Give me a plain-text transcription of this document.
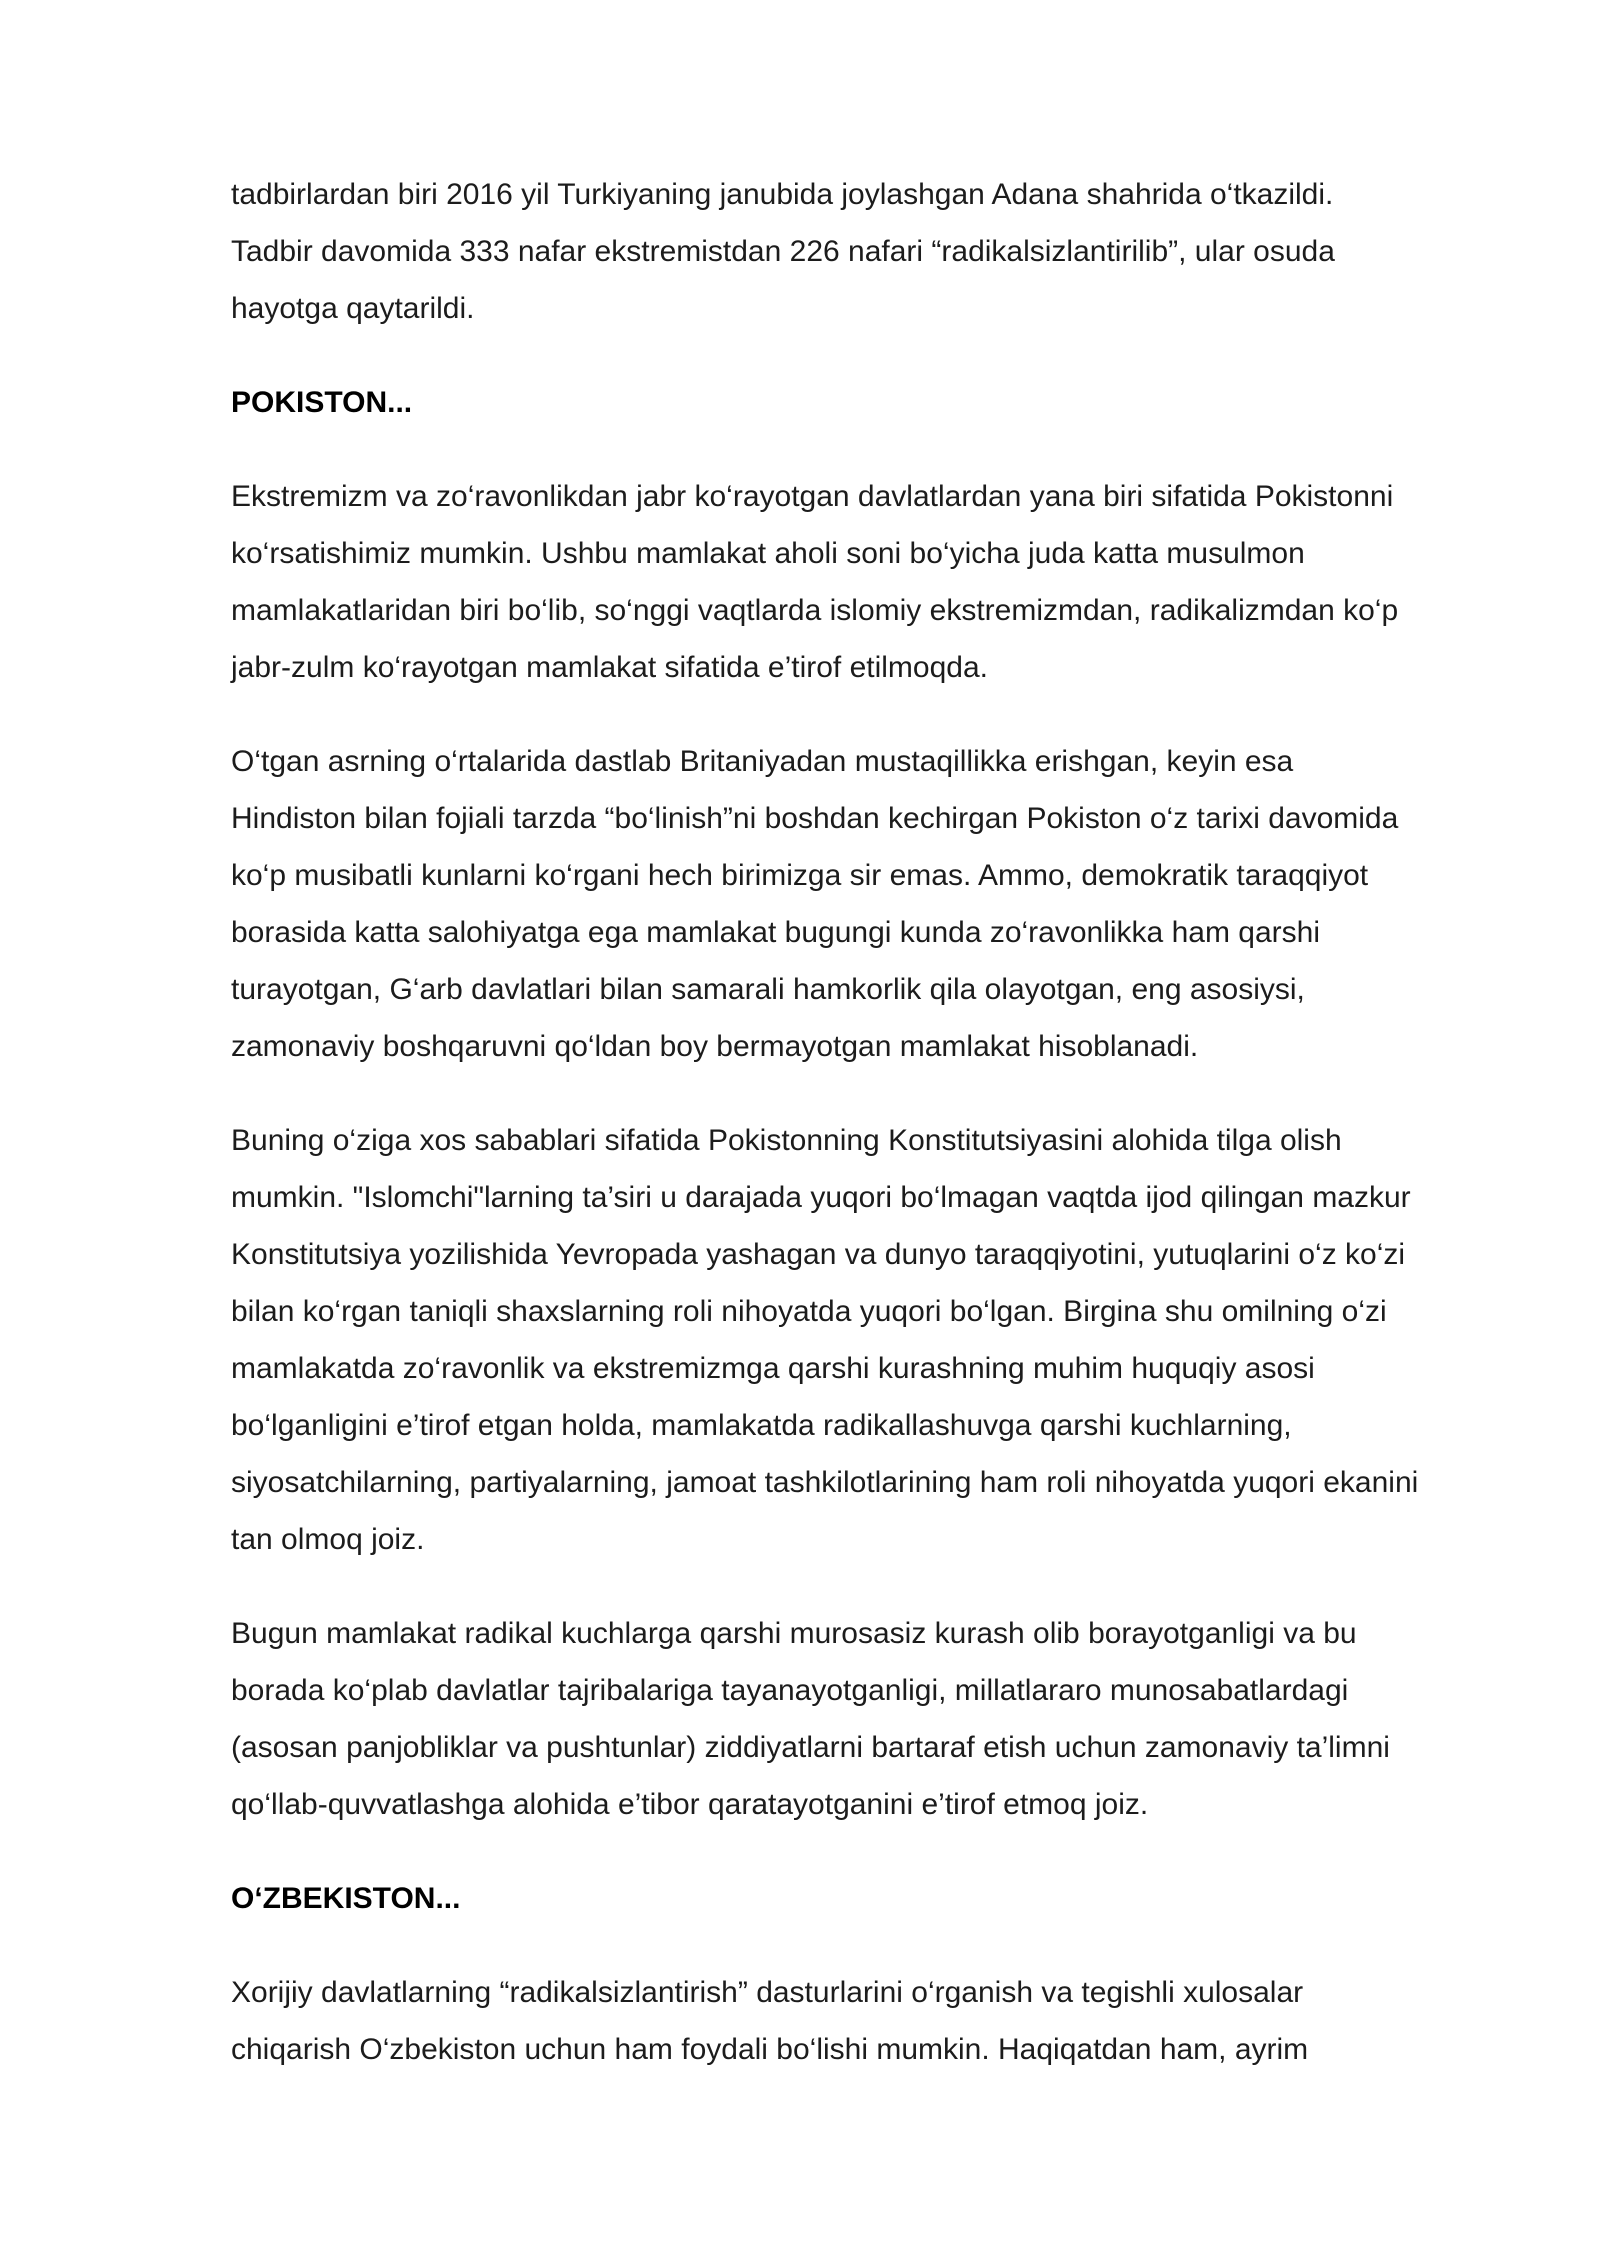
tadbirlardan biri 2016 yil Turkiyaning janubida joylashgan Adana shahrida o‘tkazildi.
Tadbir davomida 333 nafar ekstremistdan 226 nafari “radikalsizlantirilib”, ular osuda
hayotga qaytarildi.

POKISTON...

Ekstremizm va zo‘ravonlikdan jabr ko‘rayotgan davlatlardan yana biri sifatida Pokistonni
ko‘rsatishimiz mumkin. Ushbu mamlakat aholi soni bo‘yicha juda katta musulmon
mamlakatlaridan biri bo‘lib, so‘nggi vaqtlarda islomiy ekstremizmdan, radikalizmdan ko‘p
jabr-zulm ko‘rayotgan mamlakat sifatida e’tirof etilmoqda.

O‘tgan asrning o‘rtalarida dastlab Britaniyadan mustaqillikka erishgan, keyin esa
Hindiston bilan fojiali tarzda “bo‘linish”ni boshdan kechirgan Pokiston o‘z tarixi davomida
ko‘p musibatli kunlarni ko‘rgani hech birimizga sir emas. Ammo, demokratik taraqqiyot
borasida katta salohiyatga ega mamlakat bugungi kunda zo‘ravonlikka ham qarshi
turayotgan, G‘arb davlatlari bilan samarali hamkorlik qila olayotgan, eng asosiysi,
zamonaviy boshqaruvni qo‘ldan boy bermayotgan mamlakat hisoblanadi.

Buning o‘ziga xos sabablari sifatida Pokistonning Konstitutsiyasini alohida tilga olish
mumkin. "Islomchi"larning ta’siri u darajada yuqori bo‘lmagan vaqtda ijod qilingan mazkur
Konstitutsiya yozilishida Yevropada yashagan va dunyo taraqqiyotini, yutuqlarini o‘z ko‘zi
bilan ko‘rgan taniqli shaxslarning roli nihoyatda yuqori bo‘lgan. Birgina shu omilning o‘zi
mamlakatda zo‘ravonlik va ekstremizmga qarshi kurashning muhim huquqiy asosi
bo‘lganligini e’tirof etgan holda, mamlakatda radikallashuvga qarshi kuchlarning,
siyosatchilarning, partiyalarning, jamoat tashkilotlarining ham roli nihoyatda yuqori ekanini
tan olmoq joiz.

Bugun mamlakat radikal kuchlarga qarshi murosasiz kurash olib borayotganligi va bu
borada ko‘plab davlatlar tajribalariga tayanayotganligi, millatlararo munosabatlardagi
(asosan panjobliklar va pushtunlar) ziddiyatlarni bartaraf etish uchun zamonaviy ta’limni
qo‘llab-quvvatlashga alohida e’tibor qaratayotganini e’tirof etmoq joiz.

O‘ZBEKISTON...

Xorijiy davlatlarning “radikalsizlantirish” dasturlarini o‘rganish va tegishli xulosalar
chiqarish O‘zbekiston uchun ham foydali bo‘lishi mumkin. Haqiqatdan ham, ayrim
